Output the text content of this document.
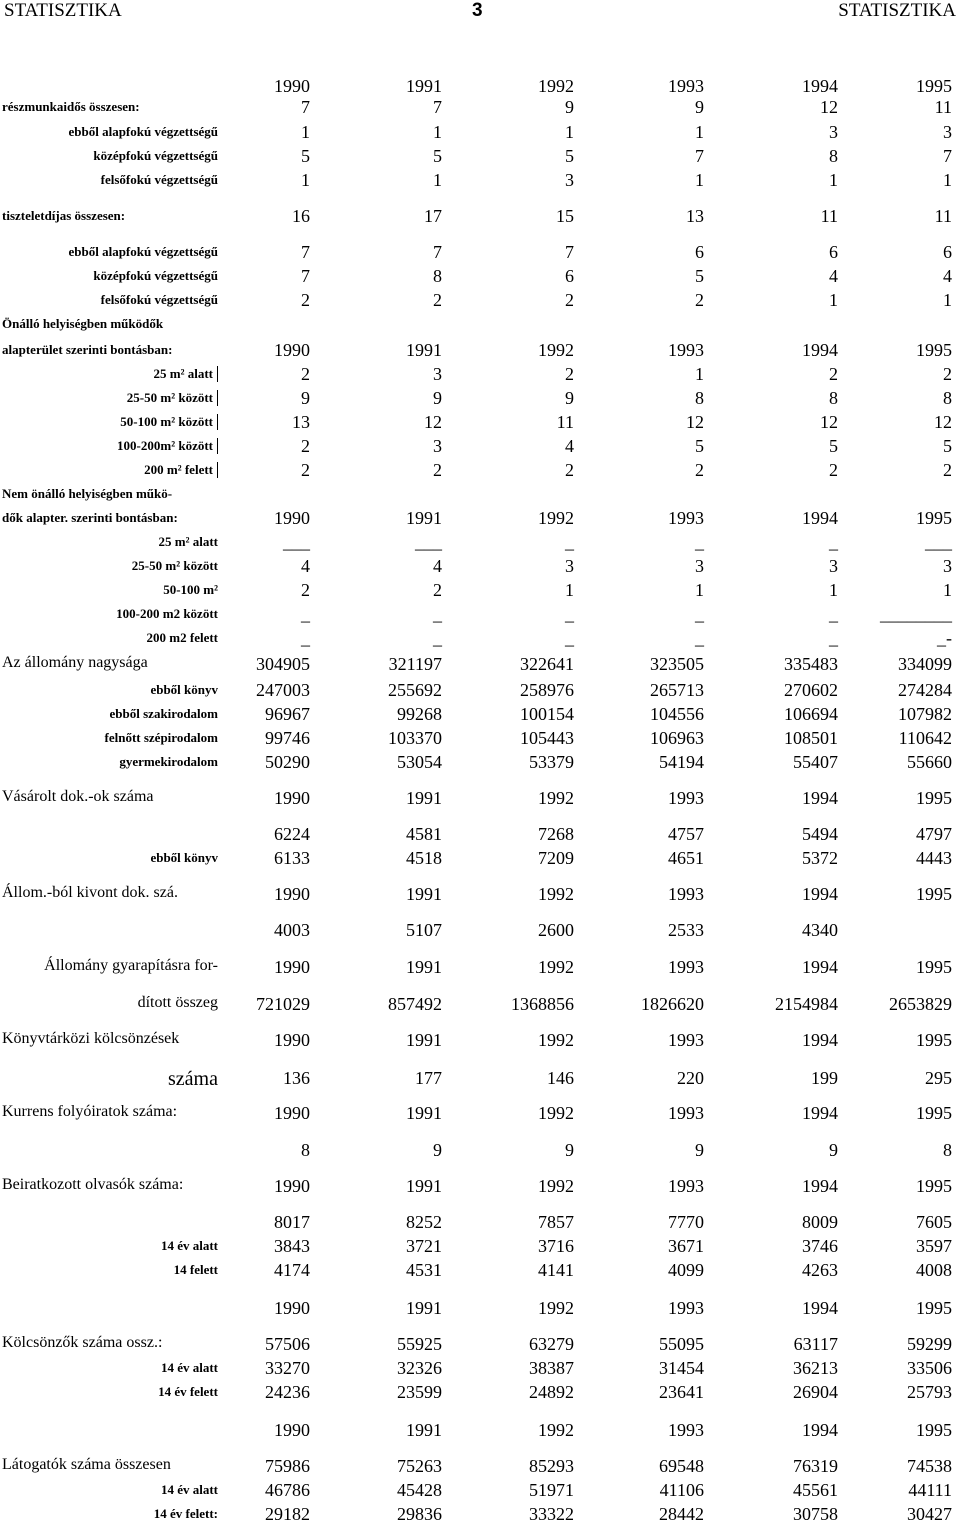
STATISZTIKA	3	STATISZTIKA
1990	1991	1992	1993	1994	1995
részmunkaidős összesen:	7	7	9	9	12	11
ebből alapfokú végzettségű	1	1	1	1	3	3
középfokú végzettségű	5	5	5	7	8	7
felsőfokú végzettségű	1	1	3	1	1	1
tiszteletdíjas összesen:	16	17	15	13	11	11
ebből alapfokú végzettségű	7	7	7	6	6	6
középfokú végzettségű	7	8	6	5	4	4
felsőfokú végzettségű	2	2	2	2	1	1
Önálló helyiségben működők
alapterület szerinti bontásban:	1990	1991	1992	1993	1994	1995
25 m² alatt	2	3	2	1	2	2
25-50 m² között	9	9	9	8	8	8
50-100 m² között	13	12	11	12	12	12
100-200m² között	2	3	4	5	5	5
200 m² felett	2	2	2	2	2	2
Nem önálló helyiségben műkö-
dők alapter. szerinti bontásban:	1990	1991	1992	1993	1994	1995
25 m² alatt	___	___	_	_	_	___
25-50 m² között	4	4	3	3	3	3
50-100 m²	2	2	1	1	1	1
100-200 m2 között	_	_	_	_	_	________
200 m2 felett	_	_	_	_	_	_-
Az állomány nagysága	304905	321197	322641	323505	335483	334099
ebből könyv	247003	255692	258976	265713	270602	274284
ebből szakirodalom	96967	99268	100154	104556	106694	107982
felnőtt szépirodalom	99746	103370	105443	106963	108501	110642
gyermekirodalom	50290	53054	53379	54194	55407	55660
Vásárolt dok.-ok száma	1990	1991	1992	1993	1994	1995
6224	4581	7268	4757	5494	4797
ebből könyv	6133	4518	7209	4651	5372	4443
Állom.-ból kivont dok. szá.	1990	1991	1992	1993	1994	1995
4003	5107	2600	2533	4340
Állomány gyarapításra for-	1990	1991	1992	1993	1994	1995
dított összeg	721029	857492	1368856	1826620	2154984	2653829
Könyvtárközi kölcsönzések	1990	1991	1992	1993	1994	1995
száma	136	177	146	220	199	295
Kurrens folyóiratok száma:	1990	1991	1992	1993	1994	1995
8	9	9	9	9	8
Beiratkozott olvasók száma:	1990	1991	1992	1993	1994	1995
8017	8252	7857	7770	8009	7605
14 év alatt	3843	3721	3716	3671	3746	3597
14 felett	4174	4531	4141	4099	4263	4008
1990	1991	1992	1993	1994	1995
Kölcsönzők száma ossz.:	57506	55925	63279	55095	63117	59299
14 év alatt	33270	32326	38387	31454	36213	33506
14 év felett	24236	23599	24892	23641	26904	25793
1990	1991	1992	1993	1994	1995
Látogatók száma összesen	75986	75263	85293	69548	76319	74538
14 év alatt	46786	45428	51971	41106	45561	44111
14 év felett:	29182	29836	33322	28442	30758	30427
